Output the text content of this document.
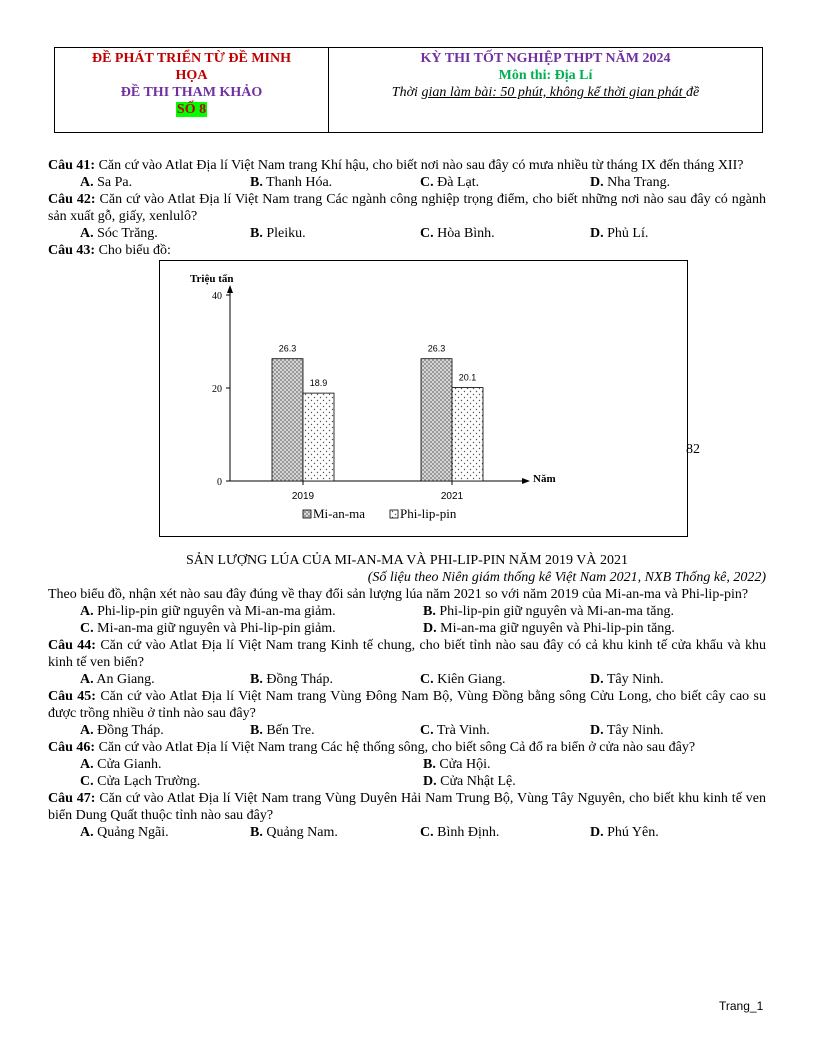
ĐỀ PHÁT TRIỂN TỪ ĐỀ MINH
HỌA
ĐỀ THI THAM KHẢO
SỐ 8

KỲ THI TỐT NGHIỆP THPT NĂM 2024
Môn thi: Địa Lí
Thời gian làm bài: 50 phút, không kể thời gian phát đề
Câu 41: Căn cứ vào Atlat Địa lí Việt Nam trang Khí hậu, cho biết nơi nào sau đây có mưa nhiều từ tháng IX đến tháng XII?
A. Sa Pa.	B. Thanh Hóa.	C. Đà Lạt.	D. Nha Trang.
Câu 42: Căn cứ vào Atlat Địa lí Việt Nam trang Các ngành công nghiệp trọng điểm, cho biết những nơi nào sau đây có ngành sản xuất gỗ, giấy, xenlulô?
A. Sóc Trăng.	B. Pleiku.	C. Hòa Bình.	D. Phủ Lí.
Câu 43: Cho biểu đồ:
Triệu tấn
0
20
40
2019	2021
26.3
18.9
26.3
20.1
Năm
Mi-an-ma	Phi-lip-pin
82
SẢN LƯỢNG LÚA CỦA MI-AN-MA VÀ PHI-LIP-PIN NĂM 2019 VÀ 2021
(Số liệu theo Niên giám thống kê Việt Nam 2021, NXB Thống kê, 2022)
Theo biểu đồ, nhận xét nào sau đây đúng về thay đổi sản lượng lúa năm 2021 so với năm 2019 của Mi-an-ma và Phi-lip-pin?
A. Phi-lip-pin giữ nguyên và Mi-an-ma giảm.	B. Phi-lip-pin giữ nguyên và Mi-an-ma tăng.
C. Mi-an-ma giữ nguyên và Phi-lip-pin giảm.	D. Mi-an-ma giữ nguyên và Phi-lip-pin tăng.
Câu 44: Căn cứ vào Atlat Địa lí Việt Nam trang Kinh tế chung, cho biết tỉnh nào sau đây có cả khu kinh tế cửa khẩu và khu kinh tế ven biển?
A. An Giang.	B. Đồng Tháp.	C. Kiên Giang.	D. Tây Ninh.
Câu 45: Căn cứ vào Atlat Địa lí Việt Nam trang Vùng Đông Nam Bộ, Vùng Đồng bằng sông Cửu Long, cho biết cây cao su được trồng nhiều ở tỉnh nào sau đây?
A. Đồng Tháp.	B. Bến Tre.	C. Trà Vinh.	D. Tây Ninh.
Câu 46: Căn cứ vào Atlat Địa lí Việt Nam trang Các hệ thống sông, cho biết sông Cả đổ ra biển ở cửa nào sau đây?
A. Cửa Gianh.	B. Cửa Hội.
C. Cửa Lạch Trường.	D. Cửa Nhật Lệ.
Câu 47: Căn cứ vào Atlat Địa lí Việt Nam trang Vùng Duyên Hải Nam Trung Bộ, Vùng Tây Nguyên, cho biết khu kinh tế ven biển Dung Quất thuộc tỉnh nào sau đây?
A. Quảng Ngãi.	B. Quảng Nam.	C. Bình Định.	D. Phú Yên.
Trang_1
